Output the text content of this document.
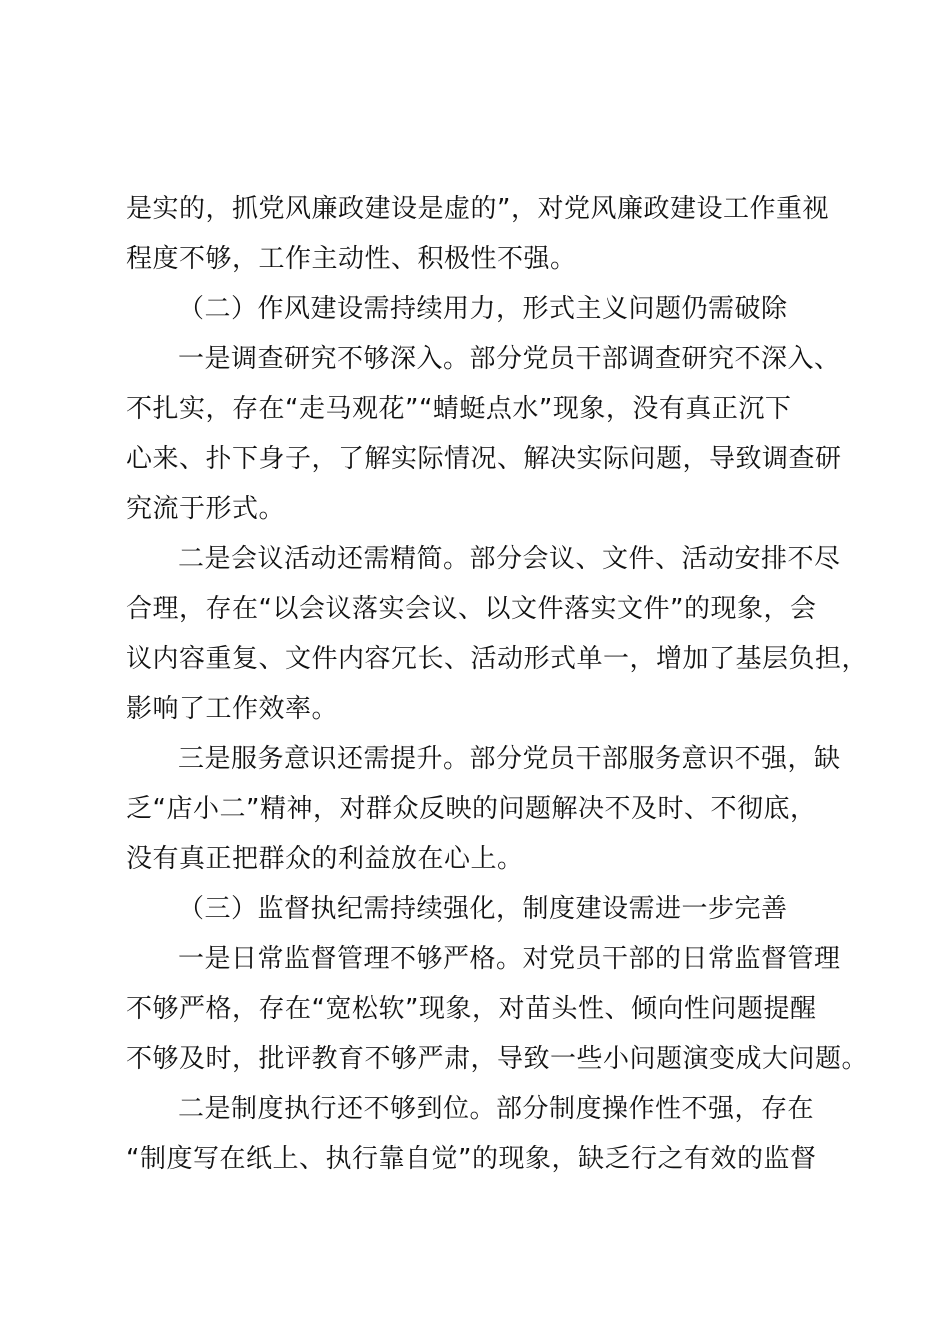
是实的，抓党风廉政建设是虚的”，对党风廉政建设工作重视
程度不够，工作主动性、积极性不强。
（二）作风建设需持续用力，形式主义问题仍需破除
一是调查研究不够深入。部分党员干部调查研究不深入、
不扎实，存在“走马观花”“蜻蜓点水”现象，没有真正沉下
心来、扑下身子，了解实际情况、解决实际问题，导致调查研
究流于形式。
二是会议活动还需精简。部分会议、文件、活动安排不尽
合理，存在“以会议落实会议、以文件落实文件”的现象，会
议内容重复、文件内容冗长、活动形式单一，增加了基层负担，
影响了工作效率。
三是服务意识还需提升。部分党员干部服务意识不强，缺
乏“店小二”精神，对群众反映的问题解决不及时、不彻底，
没有真正把群众的利益放在心上。
（三）监督执纪需持续强化，制度建设需进一步完善
一是日常监督管理不够严格。对党员干部的日常监督管理
不够严格，存在“宽松软”现象，对苗头性、倾向性问题提醒
不够及时，批评教育不够严肃，导致一些小问题演变成大问题。
二是制度执行还不够到位。部分制度操作性不强，存在
“制度写在纸上、执行靠自觉”的现象，缺乏行之有效的监督
